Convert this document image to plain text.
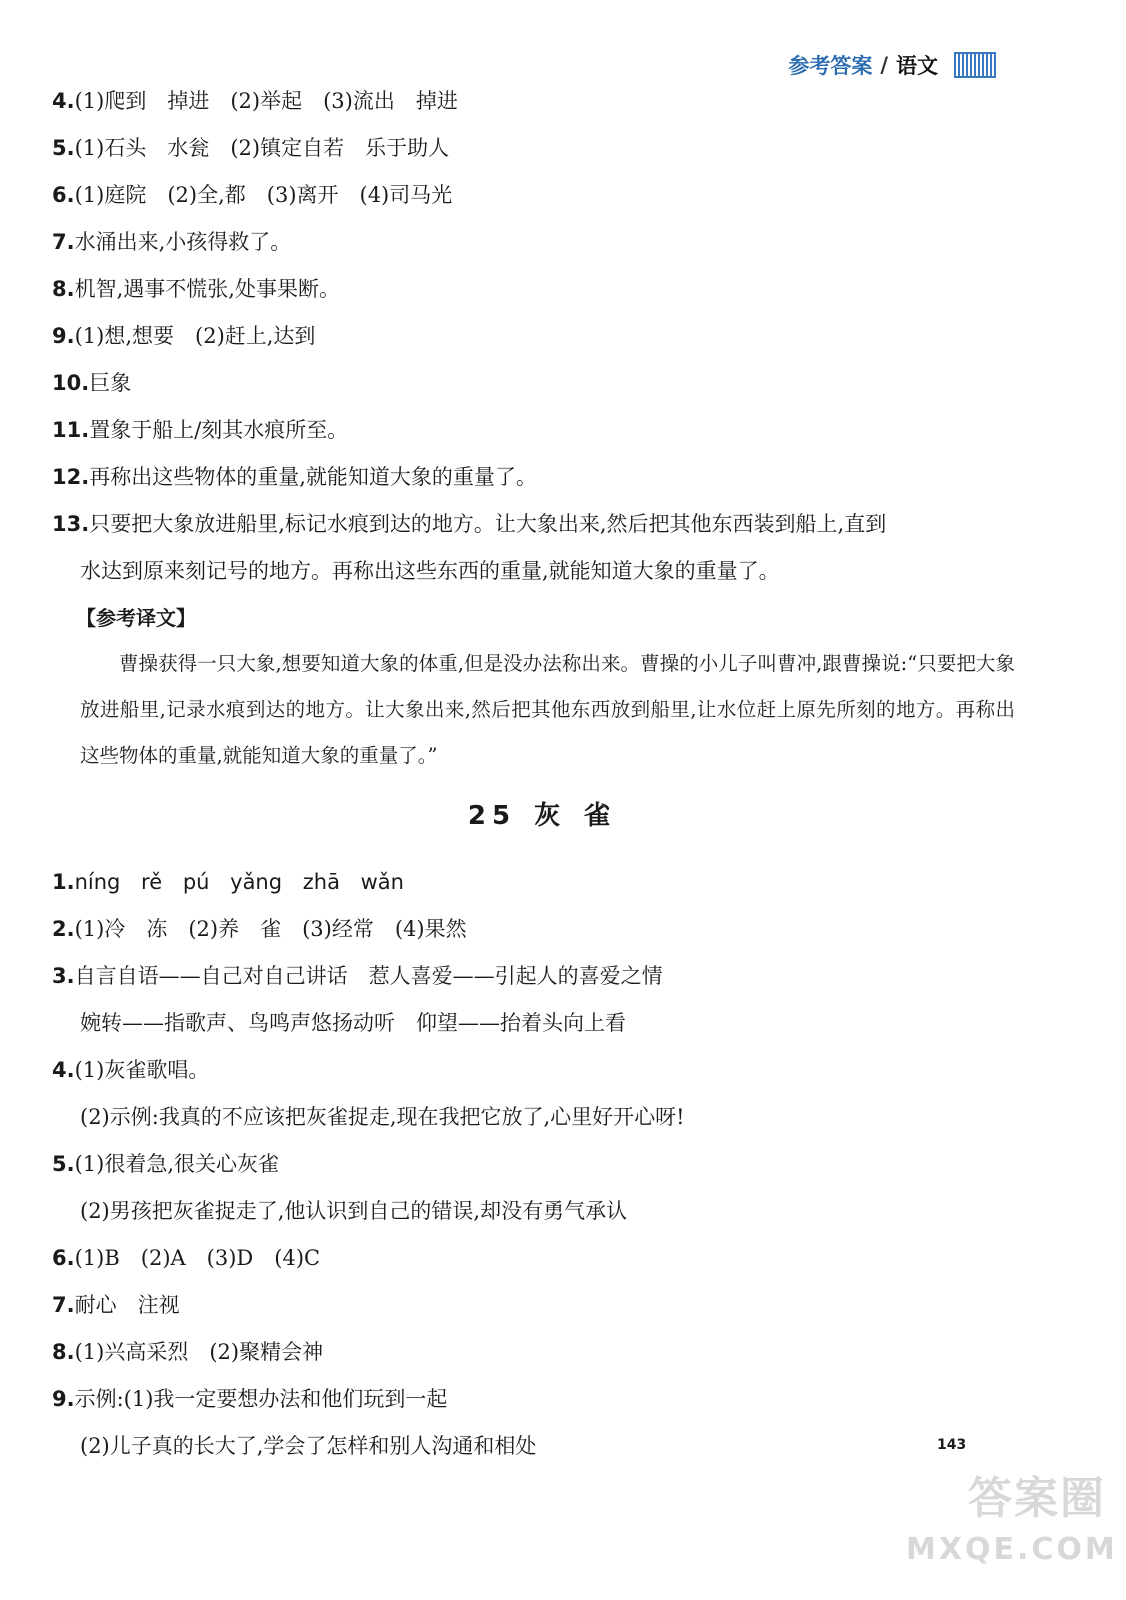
参考答案 / 语文
4.(1)爬到　掉进　(2)举起　(3)流出　掉进
5.(1)石头　水瓮　(2)镇定自若　乐于助人
6.(1)庭院　(2)全,都　(3)离开　(4)司马光
7.水涌出来,小孩得救了。
8.机智,遇事不慌张,处事果断。
9.(1)想,想要　(2)赶上,达到
10.巨象
11.置象于船上/刻其水痕所至。
12.再称出这些物体的重量,就能知道大象的重量了。
13.只要把大象放进船里,标记水痕到达的地方。让大象出来,然后把其他东西装到船上,直到
水达到原来刻记号的地方。再称出这些东西的重量,就能知道大象的重量了。
【参考译文】
曹操获得一只大象,想要知道大象的体重,但是没办法称出来。曹操的小儿子叫曹冲,跟曹操说:“只要把大象放进船里,记录水痕到达的地方。让大象出来,然后把其他东西放到船里,让水位赶上原先所刻的地方。再称出这些物体的重量,就能知道大象的重量了。”
25 灰 雀
1.níng rě pú yǎng zhā wǎn
2.(1)冷　冻　(2)养　雀　(3)经常　(4)果然
3.自言自语——自己对自己讲话　惹人喜爱——引起人的喜爱之情
婉转——指歌声、鸟鸣声悠扬动听　仰望——抬着头向上看
4.(1)灰雀歌唱。
(2)示例:我真的不应该把灰雀捉走,现在我把它放了,心里好开心呀!
5.(1)很着急,很关心灰雀
(2)男孩把灰雀捉走了,他认识到自己的错误,却没有勇气承认
6.(1)B　(2)A　(3)D　(4)C
7.耐心　注视
8.(1)兴高采烈　(2)聚精会神
9.示例:(1)我一定要想办法和他们玩到一起
(2)儿子真的长大了,学会了怎样和别人沟通和相处	143
答案圈
MXQE.COM
